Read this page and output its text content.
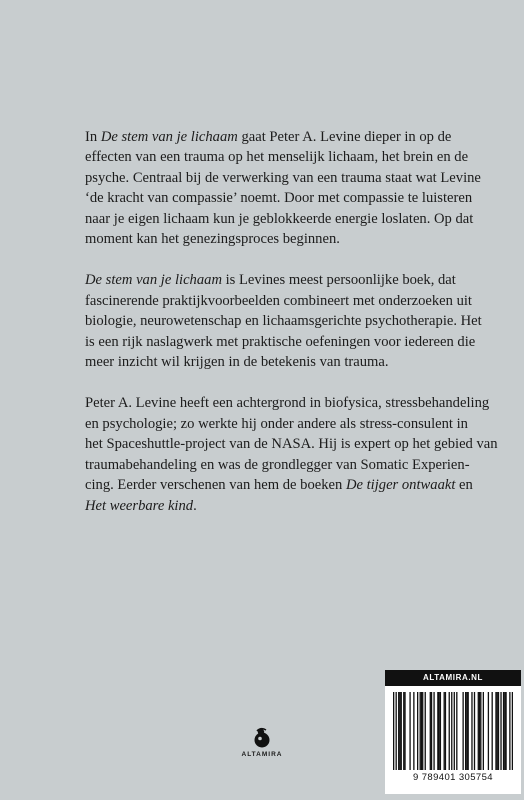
In De stem van je lichaam gaat Peter A. Levine dieper in op de
effecten van een trauma op het menselijk lichaam, het brein en de
psyche. Centraal bij de verwerking van een trauma staat wat Levine
‘de kracht van compassie’ noemt. Door met compassie te luisteren
naar je eigen lichaam kun je geblokkeerde energie loslaten. Op dat
moment kan het genezingsproces beginnen.

De stem van je lichaam is Levines meest persoonlijke boek, dat
fascinerende praktijkvoorbeelden combineert met onderzoeken uit
biologie, neurowetenschap en lichaamsgerichte psychotherapie. Het
is een rijk naslagwerk met praktische oefeningen voor iedereen die
meer inzicht wil krijgen in de betekenis van trauma.

Peter A. Levine heeft een achtergrond in biofysica, stressbehandeling
en psychologie; zo werkte hij onder andere als stress-consulent in
het Spaceshuttle-project van de NASA. Hij is expert op het gebied van
traumabehandeling en was de grondlegger van Somatic Experien-
cing. Eerder verschenen van hem de boeken De tijger ontwaakt en
Het weerbare kind.

ALTAMIRA
ALTAMIRA.NL
9 789401 305754
